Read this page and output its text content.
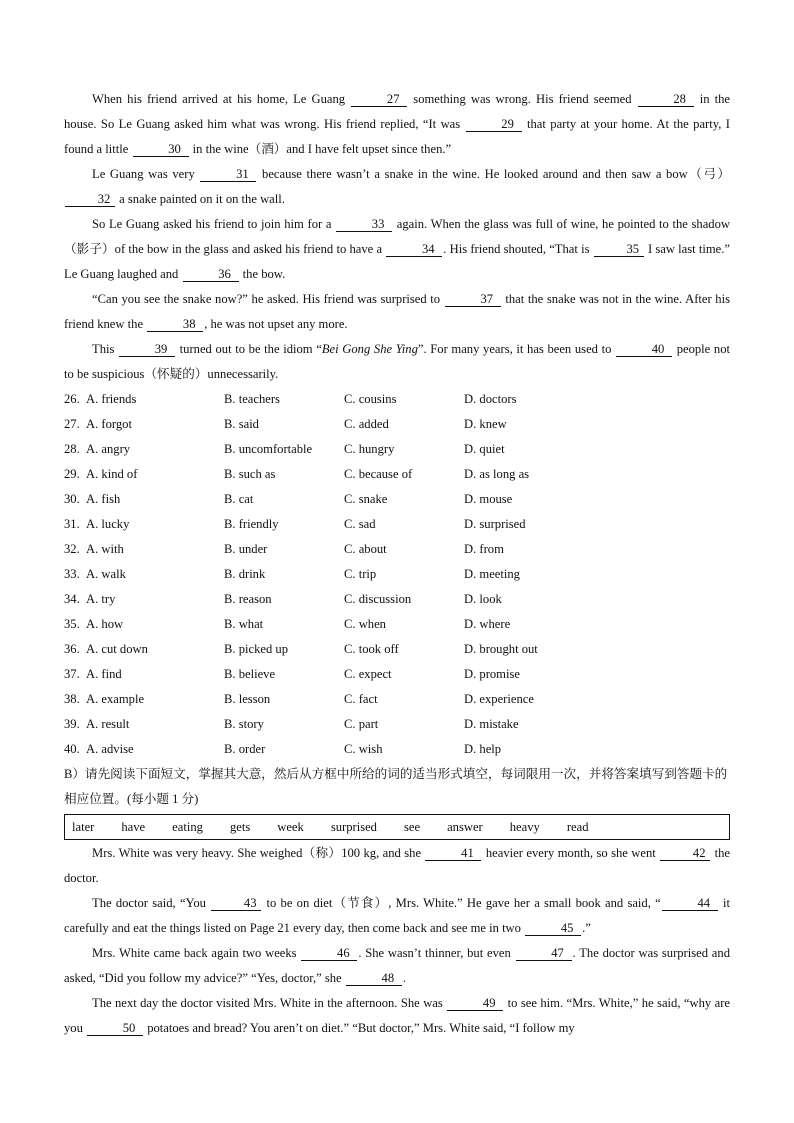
When his friend arrived at his home, Le Guang	27 something was wrong. His friend seemed	28 in the house. So Le Guang asked him what was wrong. His friend replied, “It was	29 that party at your home. At the party, I found a little	30 in the wine（酒）and I have felt upset since then.”

Le Guang was very	31 because there wasn’t a snake in the wine. He looked around and then saw a bow（弓）32 a snake painted on it on the wall.

So Le Guang asked his friend to join him for a	33 again. When the glass was full of wine, he pointed to the shadow（影子）of the bow in the glass and asked his friend to have a	34 . His friend shouted, “That is	35 I saw last time.” Le Guang laughed and	36 the bow.

“Can you see the snake now?” he asked. His friend was surprised to	37 that the snake was not in the wine. After his friend knew the	38 , he was not upset any more.

This	39 turned out to be the idiom “Bei Gong She Ying”. For many years, it has been used to	40 people not to be suspicious（怀疑的）unnecessarily.

26. A. friends	B. teachers	C. cousins	D. doctors
27. A. forgot	B. said	C. added	D. knew
28. A. angry	B. uncomfortable	C. hungry	D. quiet
29. A. kind of	B. such as	C. because of	D. as long as
30. A. fish	B. cat	C. snake	D. mouse
31. A. lucky	B. friendly	C. sad	D. surprised
32. A. with	B. under	C. about	D. from
33. A. walk	B. drink	C. trip	D. meeting
34. A. try	B. reason	C. discussion	D. look
35. A. how	B. what	C. when	D. where
36. A. cut down	B. picked up	C. took off	D. brought out
37. A. find	B. believe	C. expect	D. promise
38. A. example	B. lesson	C. fact	D. experience
39. A. result	B. story	C. part	D. mistake
40. A. advise	B. order	C. wish	D. help

B）请先阅读下面短文，掌握其大意，然后从方框中所给的词的适当形式填空，每词限用一次，并将答案填写到答题卡的相应位置。(每小题 1 分)

later have eating gets week surprised see answer heavy read

Mrs. White was very heavy. She weighed（称）100 kg, and she	41 heavier every month, so she went	42 the doctor.

The doctor said, “You	43 to be on diet（节食）, Mrs. White.” He gave her a small book and said, “	44 it carefully and eat the things listed on Page 21 every day, then come back and see me in two	45 .”

Mrs. White came back again two weeks	46 . She wasn’t thinner, but even	47 . The doctor was surprised and asked, “Did you follow my advice?” “Yes, doctor,” she	48 .

The next day the doctor visited Mrs. White in the afternoon. She was	49 to see him. “Mrs. White,” he said, “why are you	50 potatoes and bread? You aren’t on diet.” “But doctor,” Mrs. White said, “I follow my
